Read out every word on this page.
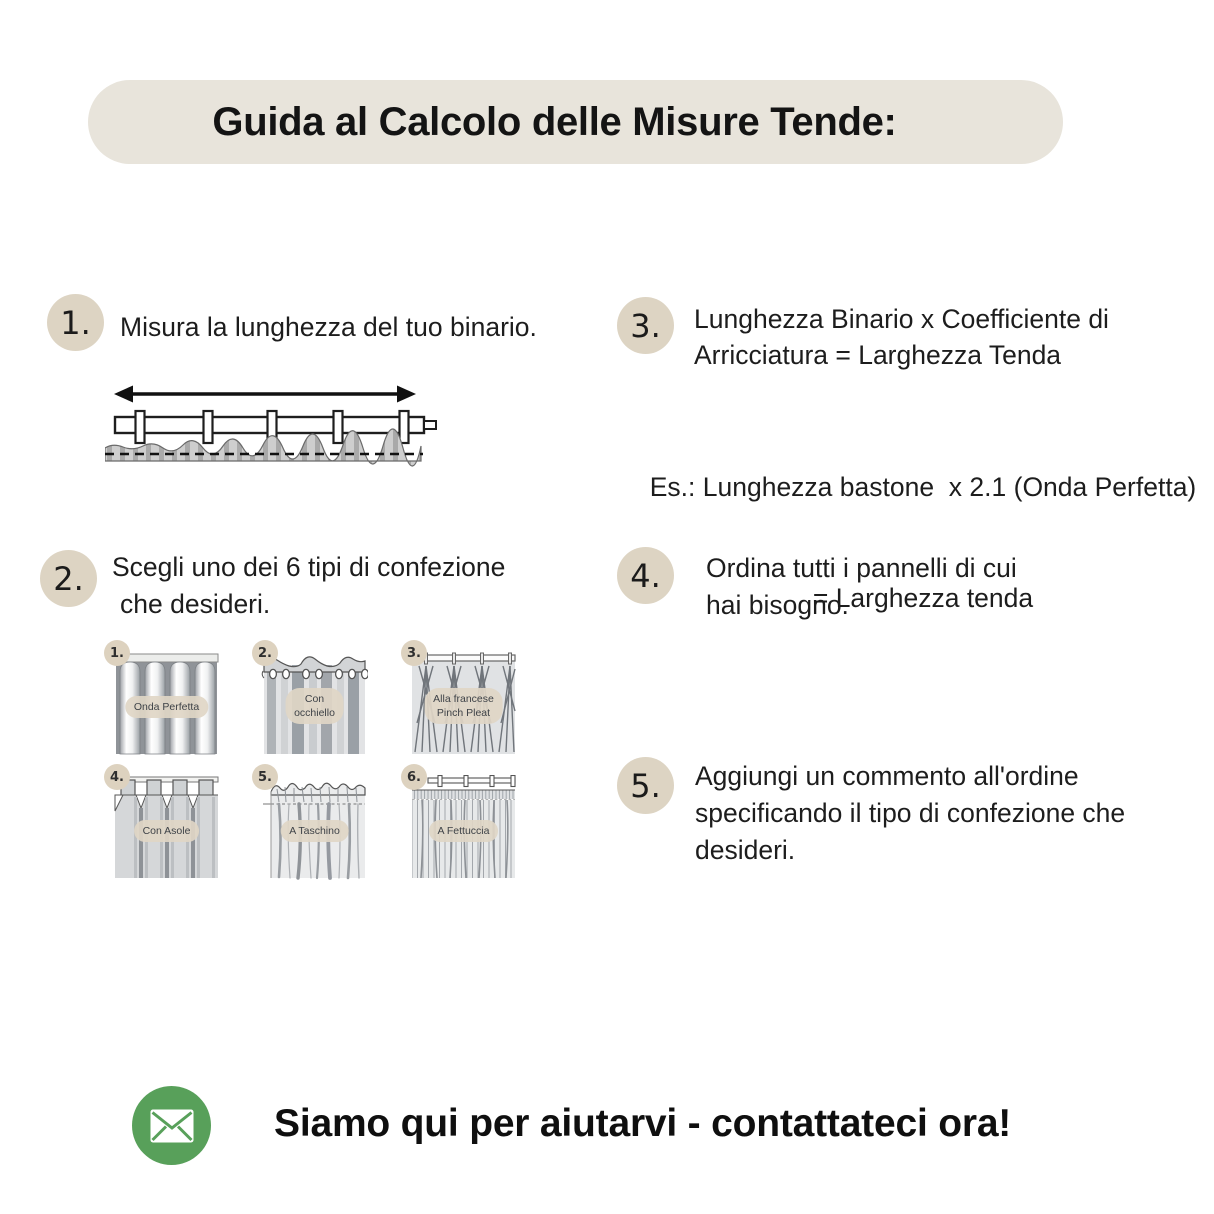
Guida al Calcolo delle Misure Tende:
1.	Misura la lunghezza del tuo binario.
2.	Scegli uno dei 6 tipi di confezione
che desideri.
1.
Onda Perfetta
2.
Con
occhiello
3.
Alla francese
Pinch Pleat
4.
Con Asole
5.
A Taschino
6.
A Fettuccia
3.	Lunghezza Binario x Coefficiente di
Arricciatura = Larghezza Tenda

Es.: Lunghezza bastone  x 2.1 (Onda Perfetta)

= Larghezza tenda

4.	Ordina tutti i pannelli di cui
hai bisogno.
5.	Aggiungi un commento all'ordine
specificando il tipo di confezione che
desideri.
Siamo qui per aiutarvi - contattateci ora!
